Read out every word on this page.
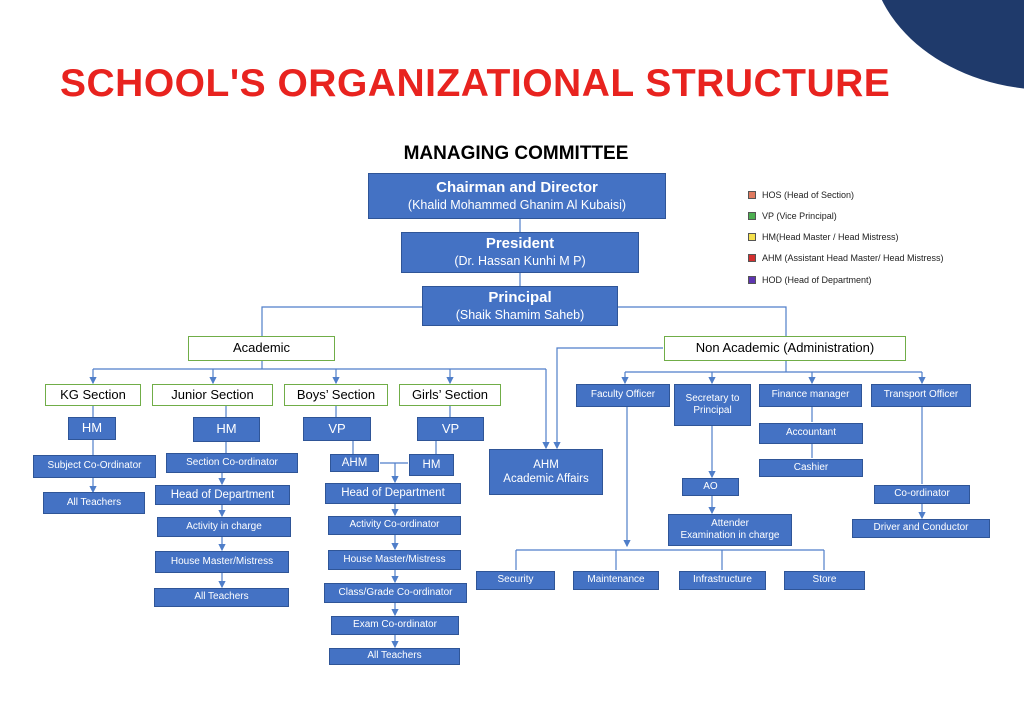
SCHOOL'S ORGANIZATIONAL STRUCTURE
MANAGING COMMITTEE
Chairman and Director
(Khalid Mohammed Ghanim Al Kubaisi)
President
(Dr. Hassan Kunhi M P)
Principal
(Shaik Shamim Saheb)
HOS (Head of Section)
VP (Vice Principal)
HM(Head Master / Head Mistress)
AHM (Assistant Head Master/ Head Mistress)
HOD (Head of Department)
Academic
KG Section	Junior Section	Boys’ Section	Girls’ Section
HM
Subject Co-Ordinator
All Teachers
HM
Section Co-ordinator
Head of Department
Activity in charge
House Master/Mistress
All Teachers
VP	VP
AHM	HM
Head of Department
Activity Co-ordinator
House Master/Mistress
Class/Grade Co-ordinator
Exam Co-ordinator
All Teachers
AHM
Academic Affairs
Non Academic (Administration)
Faculty Officer	Secretary to
Principal
Finance manager
Accountant
Cashier
Transport Officer
Co-ordinator
Driver and Conductor
AO
Attender
Examination in charge
Security	Maintenance	Infrastructure	Store
